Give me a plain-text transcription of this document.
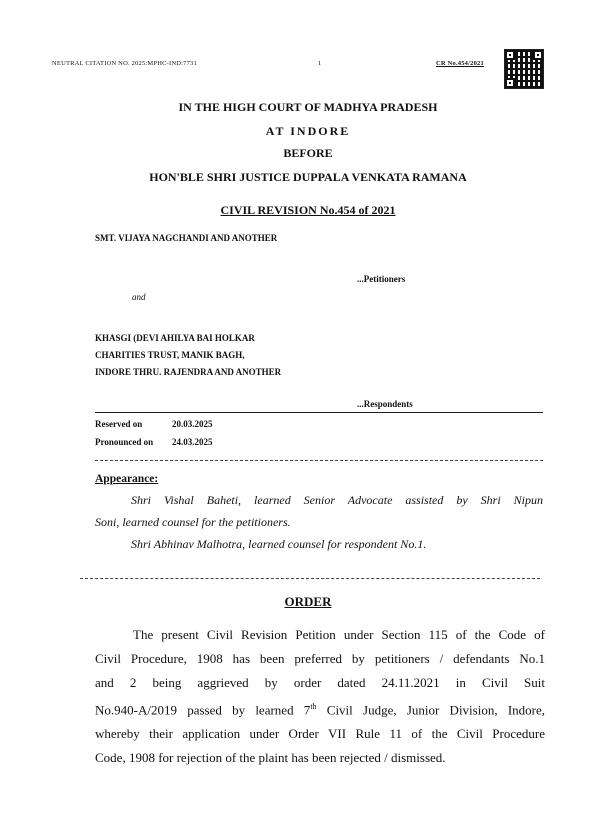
NEUTRAL CITATION NO. 2025:MPHC-IND:7731	1	CR No.454/2021
IN THE HIGH COURT OF MADHYA PRADESH
AT INDORE
BEFORE
HON'BLE SHRI JUSTICE DUPPALA VENKATA RAMANA
CIVIL REVISION No.454 of 2021
SMT. VIJAYA NAGCHANDI AND ANOTHER
...Petitioners
and
KHASGI (DEVI AHILYA BAI HOLKAR
CHARITIES TRUST, MANIK BAGH,
INDORE THRU. RAJENDRA AND ANOTHER
...Respondents
Reserved on	20.03.2025
Pronounced on 24.03.2025
Appearance:
Shri Vishal Baheti, learned Senior Advocate assisted by Shri Nipun
Soni, learned counsel for the petitioners.
Shri Abhinav Malhotra, learned counsel for respondent No.1.
ORDER
The present Civil Revision Petition under Section 115 of the Code of
Civil Procedure, 1908 has been preferred by petitioners / defendants No.1
and 2 being aggrieved by order dated 24.11.2021 in Civil Suit
No.940-A/2019 passed by learned 7th Civil Judge, Junior Division, Indore,
whereby their application under Order VII Rule 11 of the Civil Procedure
Code, 1908 for rejection of the plaint has been rejected / dismissed.
